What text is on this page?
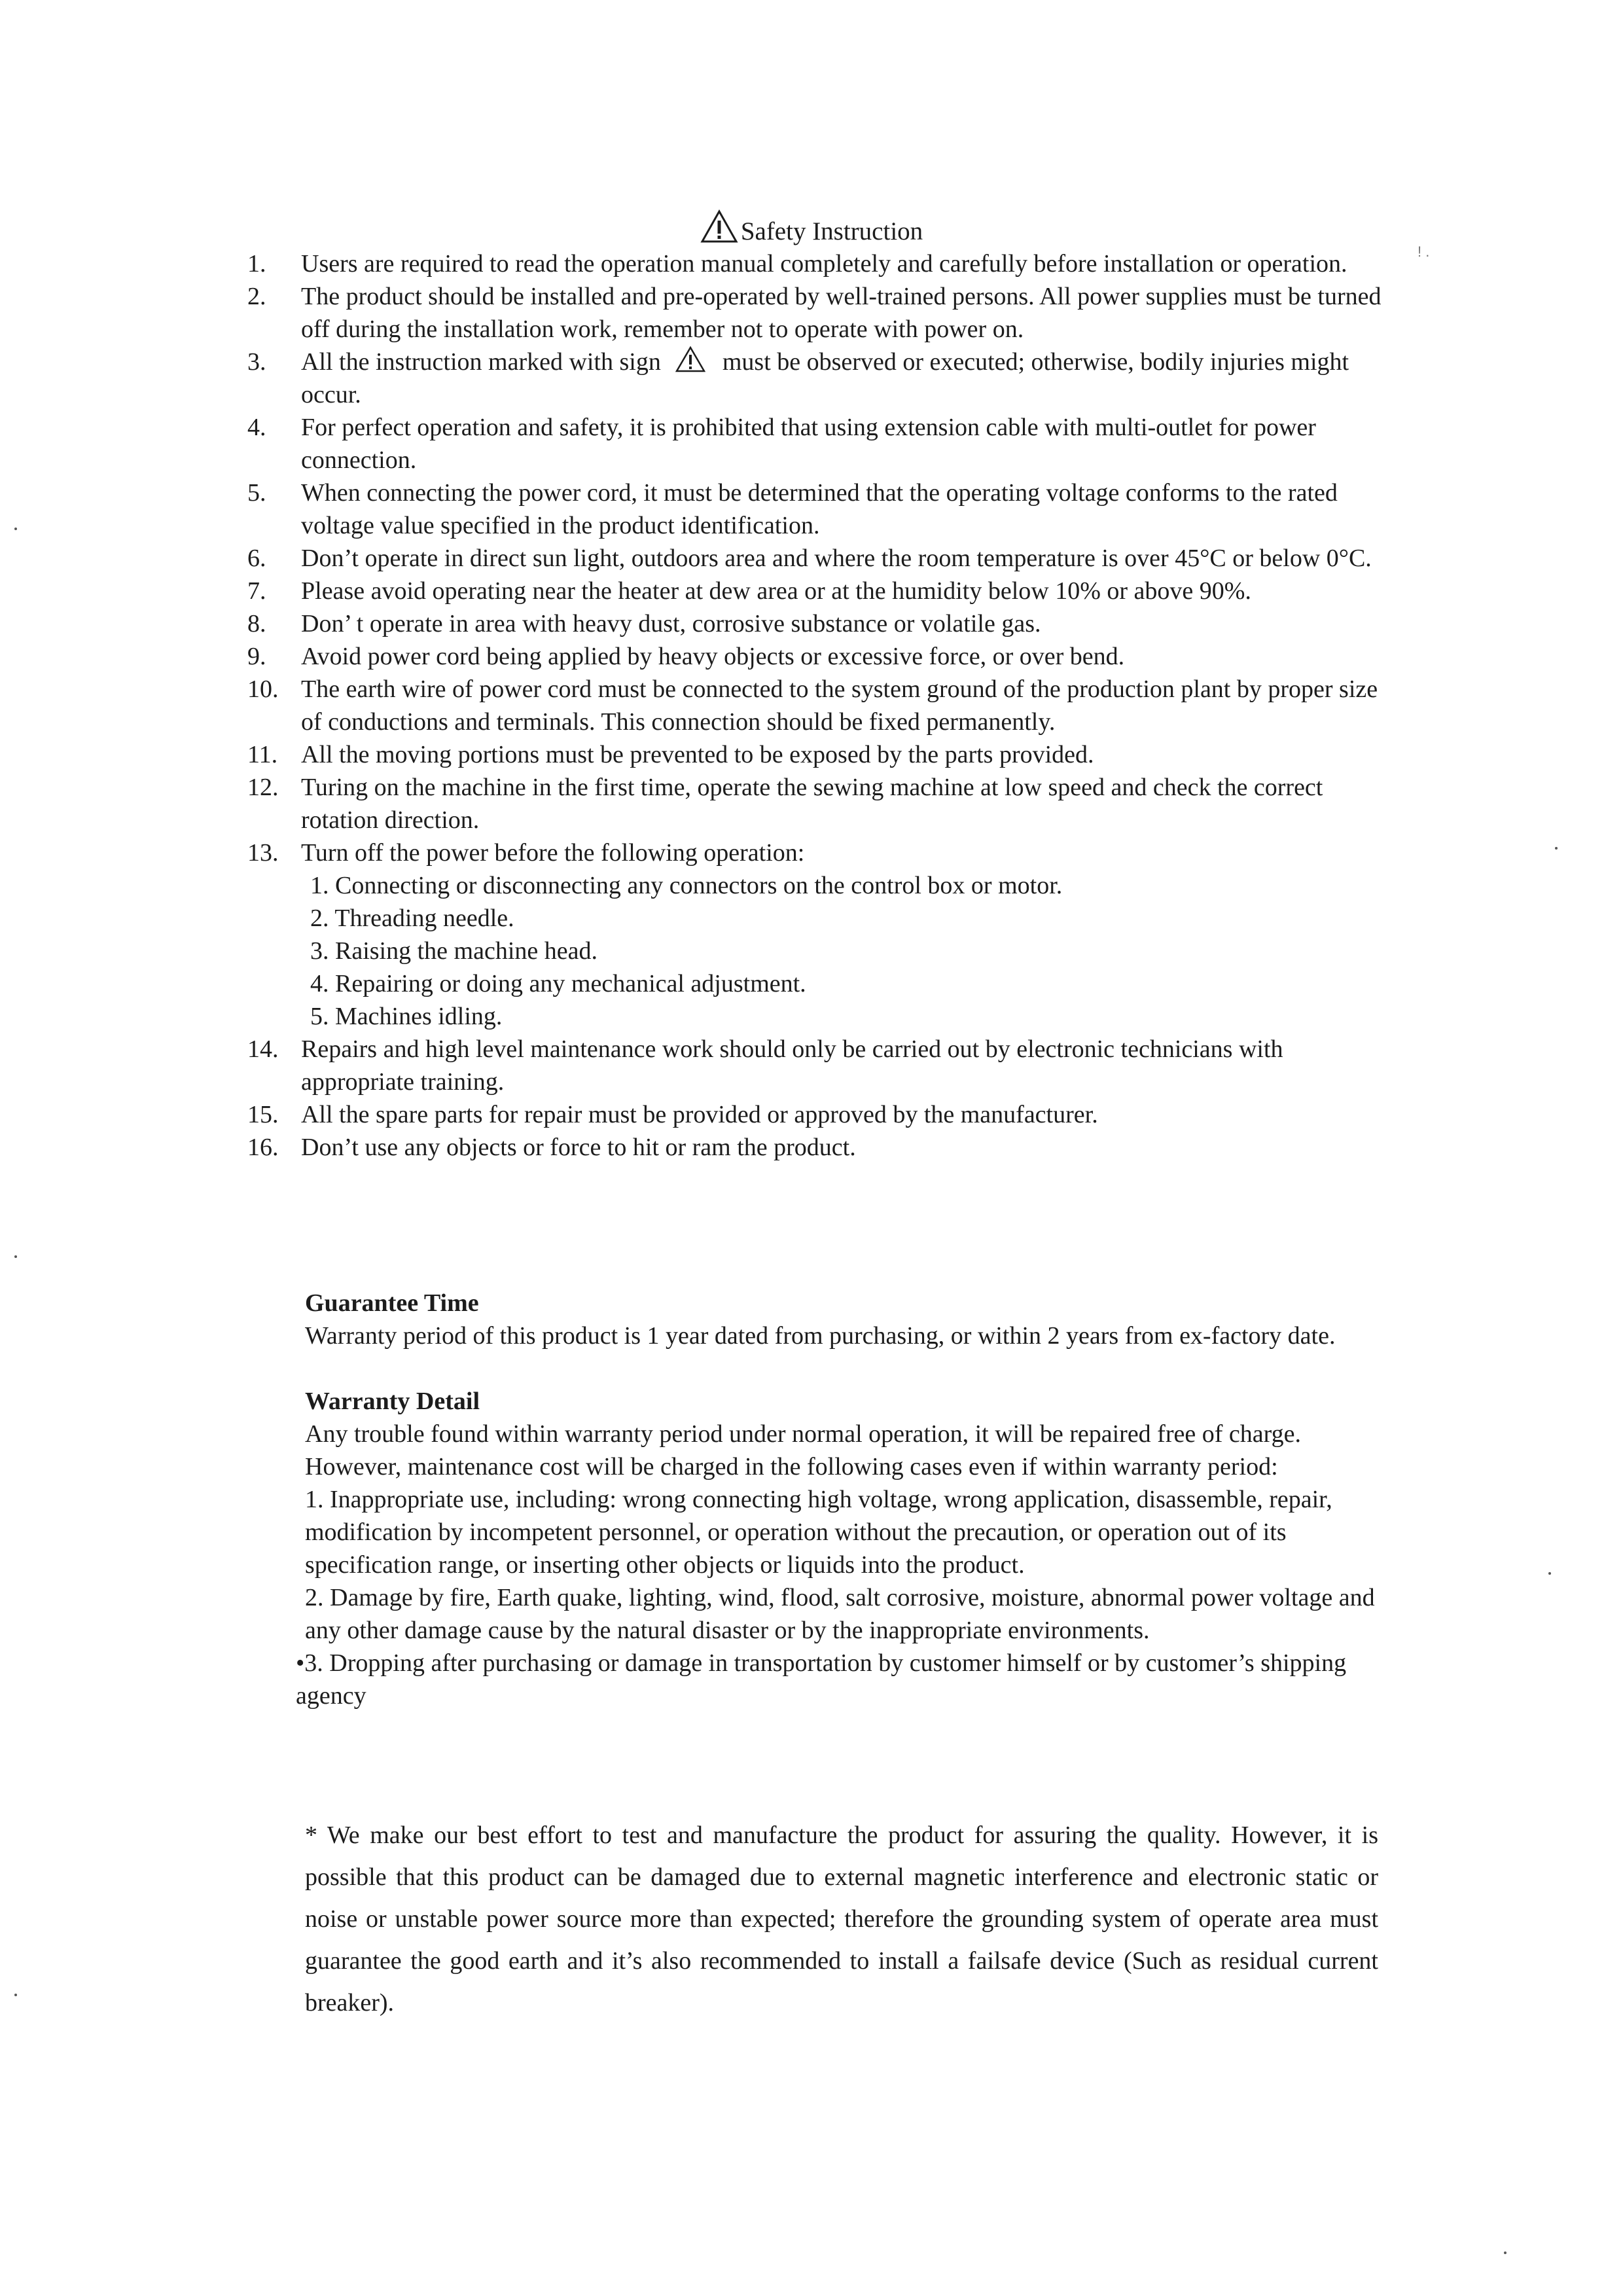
Safety Instruction
! .
1.	Users are required to read the operation manual completely and carefully before installation or operation.
2.	The product should be installed and pre-operated by well-trained persons. All power supplies must be turned off during the installation work, remember not to operate with power on.
3.	All the instruction marked with sign must be observed or executed; otherwise, bodily injuries might occur.
4.	For perfect operation and safety, it is prohibited that using extension cable with multi-outlet for power connection.
5.	When connecting the power cord, it must be determined that the operating voltage conforms to the rated voltage value specified in the product identification.
6.	Don’t operate in direct sun light, outdoors area and where the room temperature is over 45°C or below 0°C.
7.	Please avoid operating near the heater at dew area or at the humidity below 10% or above 90%.
8.	Don’ t operate in area with heavy dust, corrosive substance or volatile gas.
9.	Avoid power cord being applied by heavy objects or excessive force, or over bend.
10. The earth wire of power cord must be connected to the system ground of the production plant by proper size of conductions and terminals. This connection should be fixed permanently.
11. All the moving portions must be prevented to be exposed by the parts provided.
12. Turing on the machine in the first time, operate the sewing machine at low speed and check the correct rotation direction.
13. Turn off the power before the following operation:
1. Connecting or disconnecting any connectors on the control box or motor.
2. Threading needle.
3. Raising the machine head.
4. Repairing or doing any mechanical adjustment.
5. Machines idling.
14. Repairs and high level maintenance work should only be carried out by electronic technicians with appropriate training.
15. All the spare parts for repair must be provided or approved by the manufacturer.
16. Don’t use any objects or force to hit or ram the product.
Guarantee Time
Warranty period of this product is 1 year dated from purchasing, or within 2 years from ex-factory date.
Warranty Detail
Any trouble found within warranty period under normal operation, it will be repaired free of charge. However, maintenance cost will be charged in the following cases even if within warranty period:
1. Inappropriate use, including: wrong connecting high voltage, wrong application, disassemble, repair, modification by incompetent personnel, or operation without the precaution, or operation out of its specification range, or inserting other objects or liquids into the product.
2. Damage by fire, Earth quake, lighting, wind, flood, salt corrosive, moisture, abnormal power voltage and any other damage cause by the natural disaster or by the inappropriate environments.
•3. Dropping after purchasing or damage in transportation by customer himself or by customer’s shipping agency
* We make our best effort to test and manufacture the product for assuring the quality. However, it is possible that this product can be damaged due to external magnetic interference and electronic static or noise or unstable power source more than expected; therefore the grounding system of operate area must guarantee the good earth and it’s also recommended to install a failsafe device (Such as residual current breaker).
